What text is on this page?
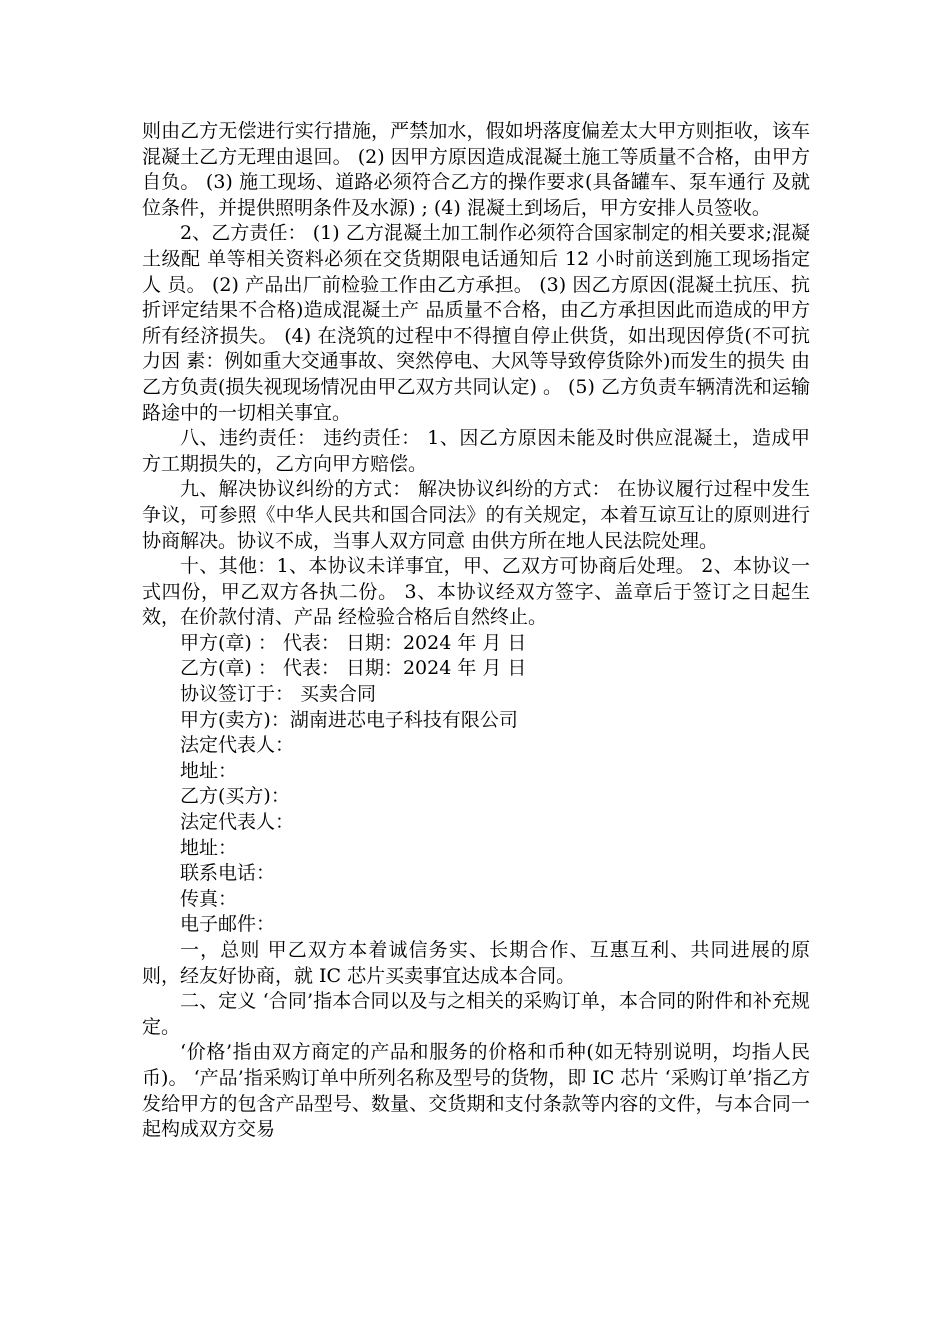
则由乙方无偿进行实行措施，严禁加水，假如坍落度偏差太大甲方则拒收，该车混凝土乙方无理由退回。 (2) 因甲方原因造成混凝土施工等质量不合格，由甲方自负。 (3) 施工现场、道路必须符合乙方的操作要求(具备罐车、泵车通行 及就位条件，并提供照明条件及水源) ; (4) 混凝土到场后，甲方安排人员签收。

2、乙方责任： (1) 乙方混凝土加工制作必须符合国家制定的相关要求;混凝土级配 单等相关资料必须在交货期限电话通知后 12 小时前送到施工现场指定人 员。 (2) 产品出厂前检验工作由乙方承担。 (3) 因乙方原因(混凝土抗压、抗折评定结果不合格)造成混凝土产 品质量不合格，由乙方承担因此而造成的甲方所有经济损失。 (4) 在浇筑的过程中不得擅自停止供货，如出现因停货(不可抗力因 素：例如重大交通事故、突然停电、大风等导致停货除外)而发生的损失 由乙方负责(损失视现场情况由甲乙双方共同认定) 。 (5) 乙方负责车辆清洗和运输路途中的一切相关事宜。

八、违约责任： 违约责任： 1、因乙方原因未能及时供应混凝土，造成甲方工期损失的，乙方向甲方赔偿。

九、解决协议纠纷的方式： 解决协议纠纷的方式： 在协议履行过程中发生争议，可参照《中华人民共和国合同法》的有关规定，本着互谅互让的原则进行协商解决。协议不成，当事人双方同意 由供方所在地人民法院处理。

十、其他：1、本协议未详事宜，甲、乙双方可协商后处理。 2、本协议一式四份，甲乙双方各执二份。 3、本协议经双方签字、盖章后于签订之日起生效，在价款付清、产品 经检验合格后自然终止。

甲方(章) ： 代表： 日期：2024 年 月 日

乙方(章) ： 代表： 日期：2024 年 月 日

协议签订于： 买卖合同

甲方(卖方)：湖南进芯电子科技有限公司

法定代表人：

地址：

乙方(买方)：

法定代表人：

地址：

联系电话：

传真：

电子邮件：

一，总则 甲乙双方本着诚信务实、长期合作、互惠互利、共同进展的原则，经友好协商，就 IC 芯片买卖事宜达成本合同。

二、定义 ‘合同’指本合同以及与之相关的采购订单，本合同的附件和补充规定。

‘价格’指由双方商定的产品和服务的价格和币种(如无特别说明，均指人民币)。 ‘产品’指采购订单中所列名称及型号的货物，即 IC 芯片 ‘采购订单’指乙方发给甲方的包含产品型号、数量、交货期和支付条款等内容的文件，与本合同一起构成双方交易
